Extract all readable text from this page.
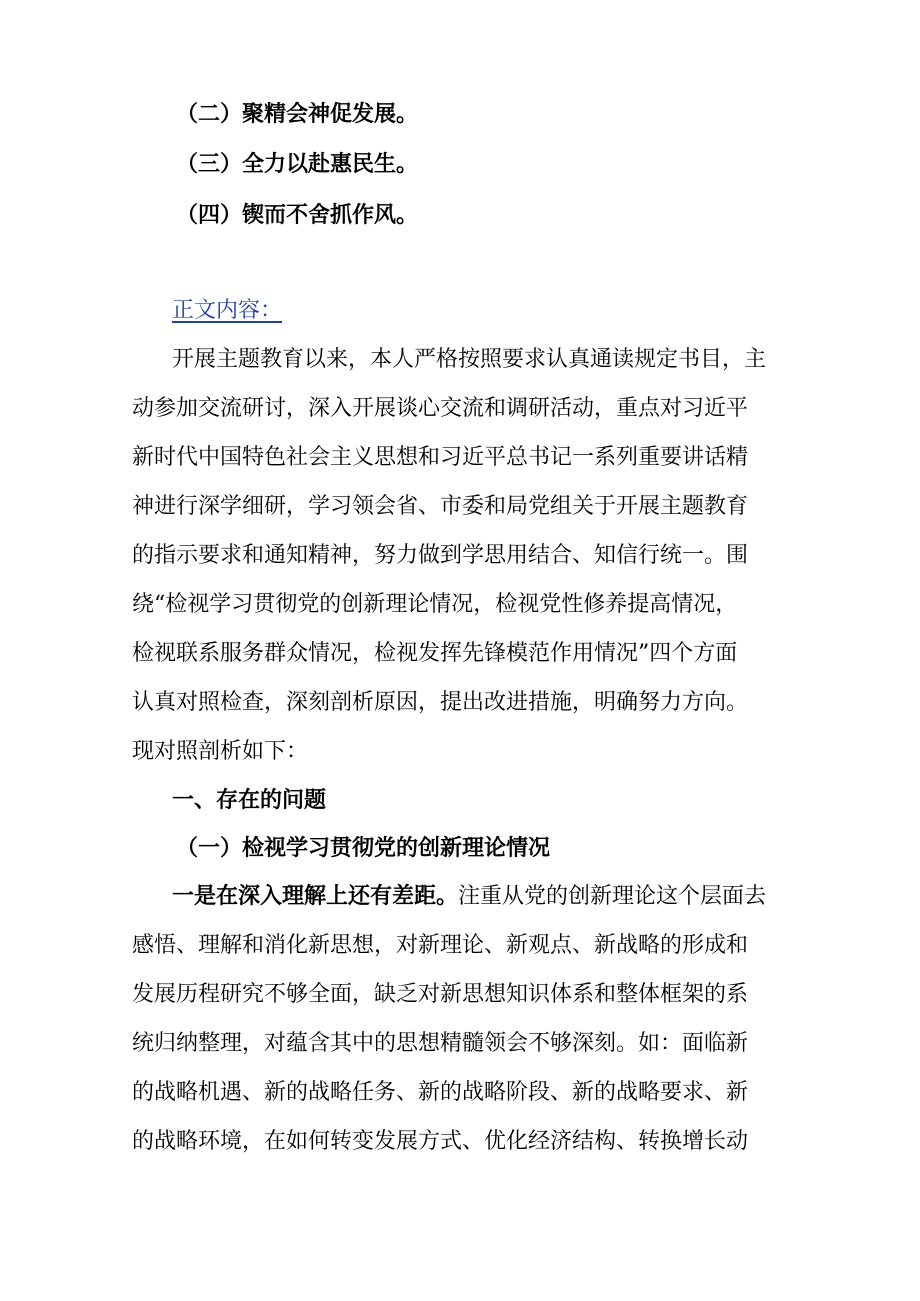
（二）聚精会神促发展。
（三）全力以赴惠民生。
（四）锲而不舍抓作风。
正文内容：
开展主题教育以来，本人严格按照要求认真通读规定书目，主
动参加交流研讨，深入开展谈心交流和调研活动，重点对习近平
新时代中国特色社会主义思想和习近平总书记一系列重要讲话精
神进行深学细研，学习领会省、市委和局党组关于开展主题教育
的指示要求和通知精神，努力做到学思用结合、知信行统一。围
绕“检视学习贯彻党的创新理论情况，检视党性修养提高情况，
检视联系服务群众情况，检视发挥先锋模范作用情况”四个方面
认真对照检查，深刻剖析原因，提出改进措施，明确努力方向。
现对照剖析如下：
一、存在的问题
（一）检视学习贯彻党的创新理论情况
一是在深入理解上还有差距。注重从党的创新理论这个层面去
感悟、理解和消化新思想，对新理论、新观点、新战略的形成和
发展历程研究不够全面，缺乏对新思想知识体系和整体框架的系
统归纳整理，对蕴含其中的思想精髓领会不够深刻。如：面临新
的战略机遇、新的战略任务、新的战略阶段、新的战略要求、新
的战略环境，在如何转变发展方式、优化经济结构、转换增长动
